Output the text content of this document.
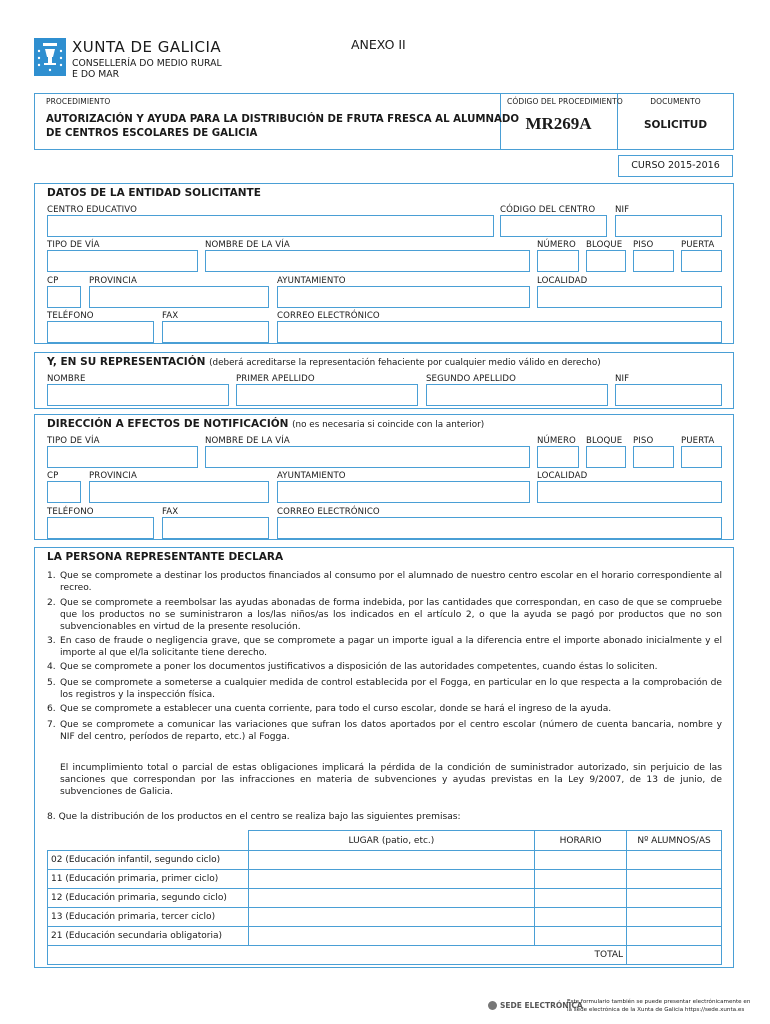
XUNTA DE GALICIA
CONSELLERÍA DO MEDIO RURAL
E DO MAR
ANEXO II
PROCEDIMIENTO
AUTORIZACIÓN Y AYUDA PARA LA DISTRIBUCIÓN DE FRUTA FRESCA AL ALUMNADO
DE CENTROS ESCOLARES DE GALICIA
CÓDIGO DEL PROCEDIMIENTO
MR269A
DOCUMENTO
SOLICITUD
CURSO 2015-2016
DATOS DE LA ENTIDAD SOLICITANTE
CENTRO EDUCATIVO	CÓDIGO DEL CENTRO NIF
TIPO DE VÍA	NOMBRE DE LA VÍA	NÚMERO BLOQUE PISO	PUERTA
CP	PROVINCIA	AYUNTAMIENTO	LOCALIDAD
TELÉFONO	FAX	CORREO ELECTRÓNICO
Y, EN SU REPRESENTACIÓN (deberá acreditarse la representación fehaciente por cualquier medio válido en derecho)
NOMBRE	PRIMER APELLIDO	SEGUNDO APELLIDO	NIF
DIRECCIÓN A EFECTOS DE NOTIFICACIÓN (no es necesaria si coincide con la anterior)
TIPO DE VÍA	NOMBRE DE LA VÍA	NÚMERO BLOQUE PISO	PUERTA
CP	PROVINCIA	AYUNTAMIENTO	LOCALIDAD
TELÉFONO	FAX	CORREO ELECTRÓNICO
LA PERSONA REPRESENTANTE DECLARA
1. Que se compromete a destinar los productos financiados al consumo por el alumnado de nuestro centro escolar en el horario correspondiente al recreo.
2. Que se compromete a reembolsar las ayudas abonadas de forma indebida, por las cantidades que correspondan, en caso de que se compruebe que los productos no se suministraron a los/las niños/as los indicados en el artículo 2, o que la ayuda se pagó por productos que no son subvencionables en virtud de la presente resolución.
3. En caso de fraude o negligencia grave, que se compromete a pagar un importe igual a la diferencia entre el importe abonado inicialmente y el importe al que el/la solicitante tiene derecho.
4. Que se compromete a poner los documentos justificativos a disposición de las autoridades competentes, cuando éstas lo soliciten.
5. Que se compromete a someterse a cualquier medida de control establecida por el Fogga, en particular en lo que respecta a la comprobación de los registros y la inspección física.
6. Que se compromete a establecer una cuenta corriente, para todo el curso escolar, donde se hará el ingreso de la ayuda.
7. Que se compromete a comunicar las variaciones que sufran los datos aportados por el centro escolar (número de cuenta bancaria, nombre y NIF del centro, períodos de reparto, etc.) al Fogga.
El incumplimiento total o parcial de estas obligaciones implicará la pérdida de la condición de suministrador autorizado, sin perjuicio de las sanciones que correspondan por las infracciones en materia de subvenciones y ayudas previstas en la Ley 9/2007, de 13 de junio, de subvenciones de Galicia.
8. Que la distribución de los productos en el centro se realiza bajo las siguientes premisas:
	LUGAR (patio, etc.)	HORARIO	Nº ALUMNOS/AS
02 (Educación infantil, segundo ciclo)			
11 (Educación primaria, primer ciclo)			
12 (Educación primaria, segundo ciclo)			
13 (Educación primaria, tercer ciclo)			
21 (Educación secundaria obligatoria)			
TOTAL			
SEDE ELECTRÓNICA
Este formulario también se puede presentar electrónicamente en
la sede electrónica de la Xunta de Galicia https://sede.xunta.es
